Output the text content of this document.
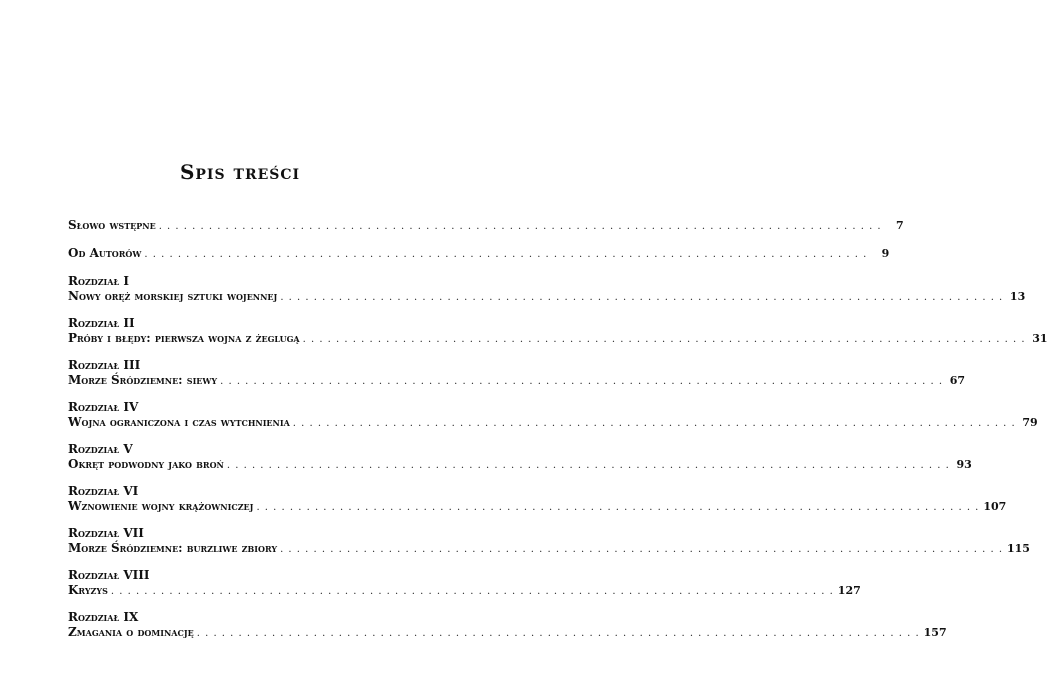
Spis treści
Słowo wstępne . . .	7
Od Autorów . . .	9
Rozdział I
Nowy oręż morskiej sztuki wojennej . . .	13
Rozdział II
Próby i błędy: pierwsza wojna z żeglugą . . .	31
Rozdział III
Morze Śródziemne: siewy . . .	67
Rozdział IV
Wojna ograniczona i czas wytchnienia . . .	79
Rozdział V
Okręt podwodny jako broń . . .	93
Rozdział VI
Wznowienie wojny krążowniczej . . .	107
Rozdział VII
Morze Śródziemne: burzliwe zbiory . . .	115
Rozdział VIII
Kryzys . . .	127
Rozdział IX
Zmagania o dominację . . .	157
